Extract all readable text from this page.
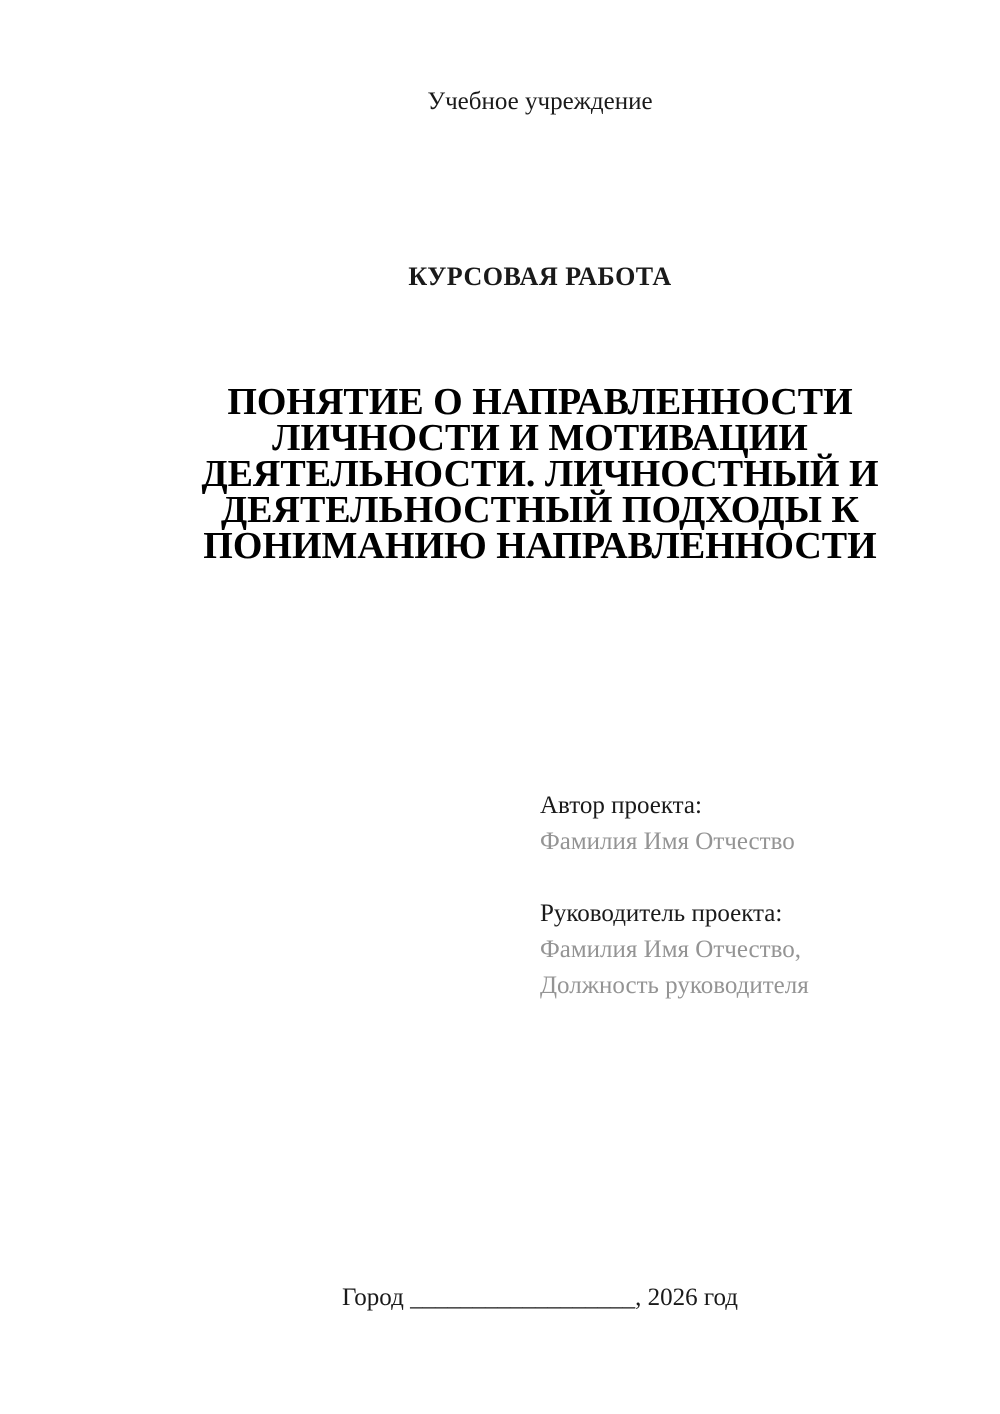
Учебное учреждение
КУРСОВАЯ РАБОТА
ПОНЯТИЕ О НАПРАВЛЕННОСТИ
ЛИЧНОСТИ И МОТИВАЦИИ
ДЕЯТЕЛЬНОСТИ. ЛИЧНОСТНЫЙ И
ДЕЯТЕЛЬНОСТНЫЙ ПОДХОДЫ К
ПОНИМАНИЮ НАПРАВЛЕННОСТИ
Автор проекта:
Фамилия Имя Отчество
Руководитель проекта:
Фамилия Имя Отчество,
Должность руководителя
Город __________________, 2026 год
